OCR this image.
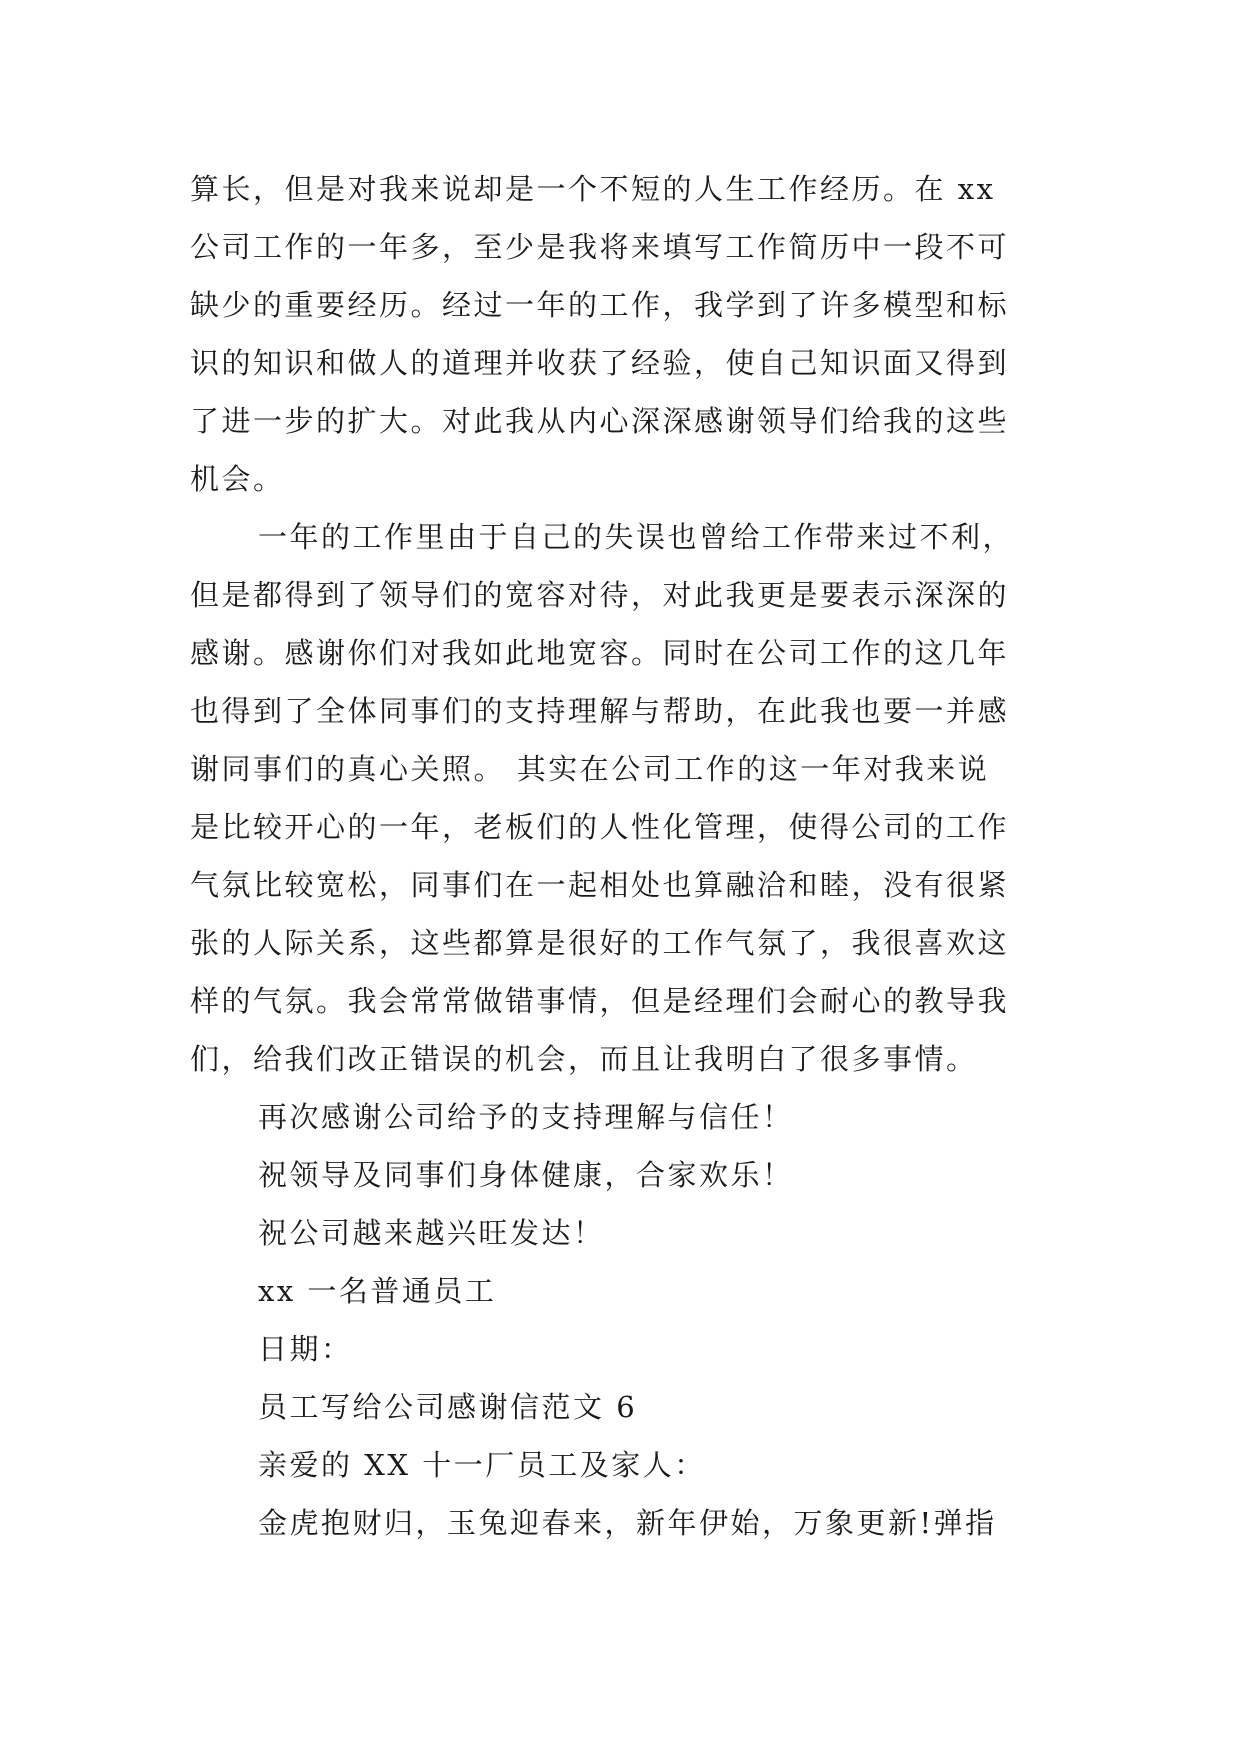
算长，但是对我来说却是一个不短的人生工作经历。在 xx
公司工作的一年多，至少是我将来填写工作简历中一段不可
缺少的重要经历。经过一年的工作，我学到了许多模型和标
识的知识和做人的道理并收获了经验，使自己知识面又得到
了进一步的扩大。对此我从内心深深感谢领导们给我的这些
机会。
一年的工作里由于自己的失误也曾给工作带来过不利，
但是都得到了领导们的宽容对待，对此我更是要表示深深的
感谢。感谢你们对我如此地宽容。同时在公司工作的这几年
也得到了全体同事们的支持理解与帮助，在此我也要一并感
谢同事们的真心关照。 其实在公司工作的这一年对我来说
是比较开心的一年，老板们的人性化管理，使得公司的工作
气氛比较宽松，同事们在一起相处也算融洽和睦，没有很紧
张的人际关系，这些都算是很好的工作气氛了，我很喜欢这
样的气氛。我会常常做错事情，但是经理们会耐心的教导我
们，给我们改正错误的机会，而且让我明白了很多事情。
再次感谢公司给予的支持理解与信任！
祝领导及同事们身体健康，合家欢乐！
祝公司越来越兴旺发达！
xx 一名普通员工
日期：
员工写给公司感谢信范文 6
亲爱的 XX 十一厂员工及家人：
金虎抱财归，玉兔迎春来，新年伊始，万象更新!弹指
